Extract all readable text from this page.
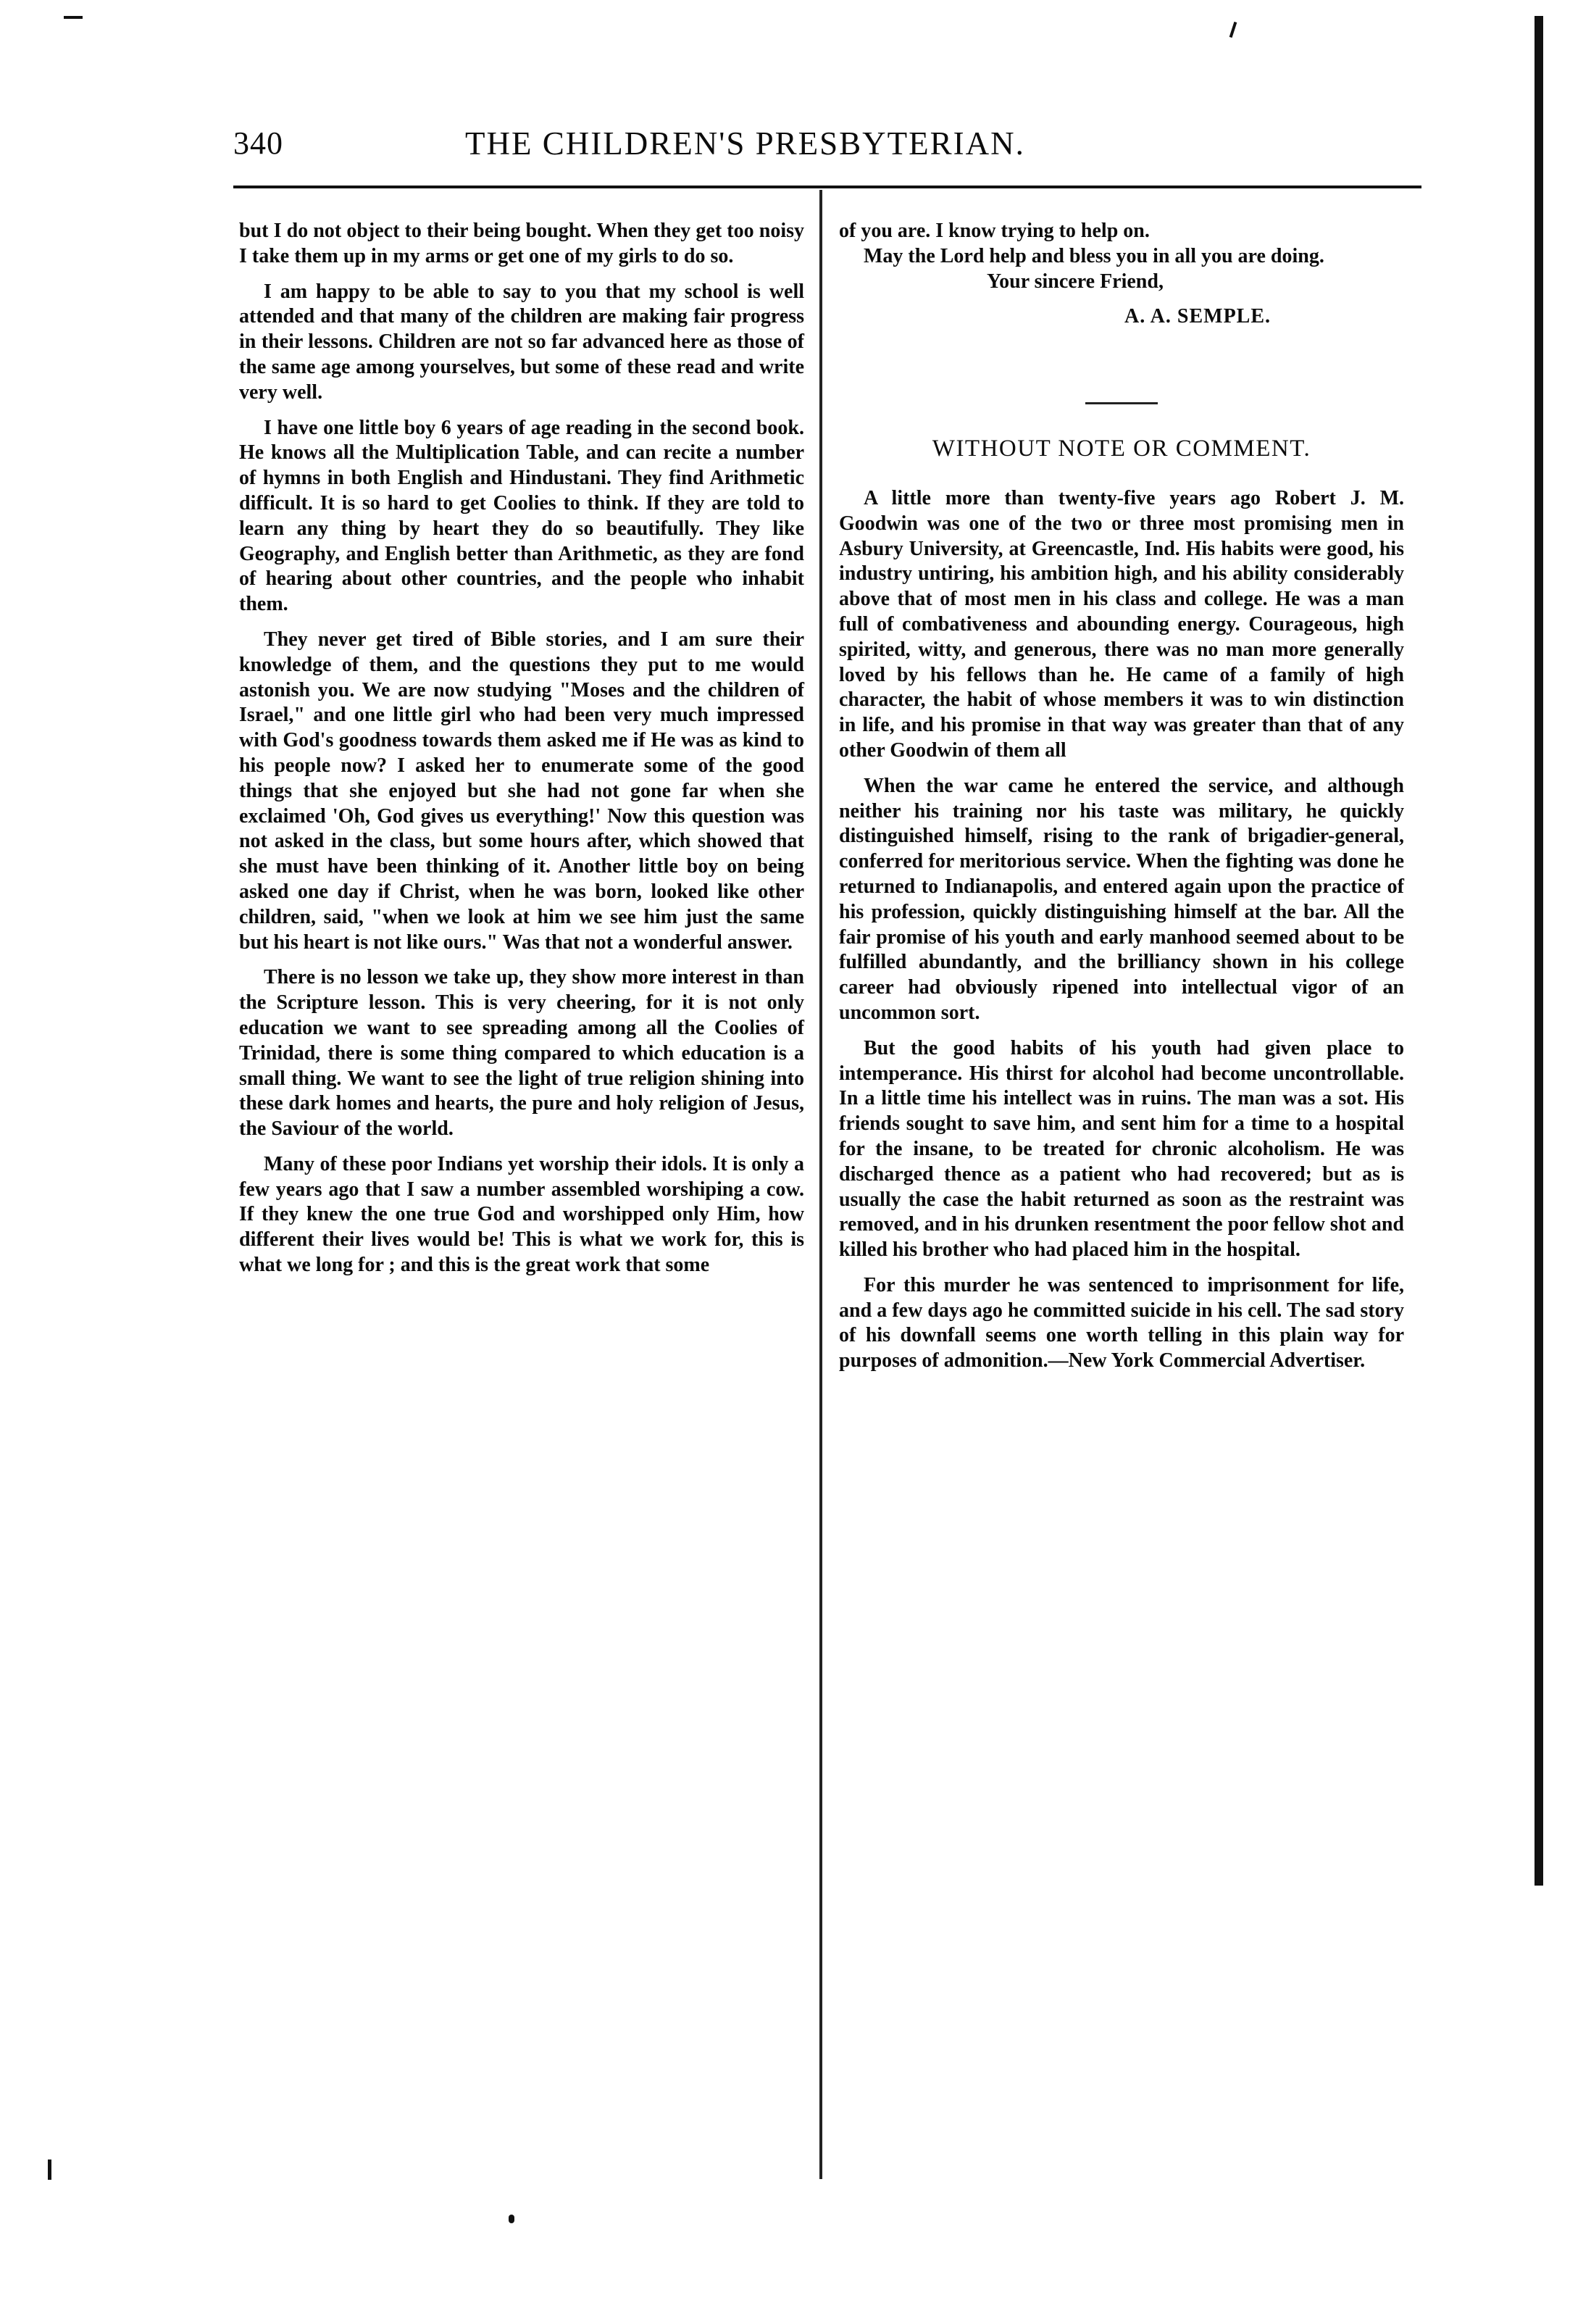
340	THE CHILDREN'S PRESBYTERIAN.

but I do not object to their being bought. When they get too noisy I take them up in my arms or get one of my girls to do so.

I am happy to be able to say to you that my school is well attended and that many of the children are making fair progress in their lessons. Children are not so far advanced here as those of the same age among yourselves, but some of these read and write very well.

I have one little boy 6 years of age reading in the second book. He knows all the Multiplication Table, and can recite a number of hymns in both English and Hindustani. They find Arithmetic difficult. It is so hard to get Coolies to think. If they are told to learn any thing by heart they do so beautifully. They like Geography, and English better than Arithmetic, as they are fond of hearing about other countries, and the people who inhabit them.

They never get tired of Bible stories, and I am sure their knowledge of them, and the questions they put to me would astonish you. We are now studying "Moses and the children of Israel," and one little girl who had been very much impressed with God's goodness towards them asked me if He was as kind to his people now? I asked her to enumerate some of the good things that she enjoyed but she had not gone far when she exclaimed 'Oh, God gives us everything!' Now this question was not asked in the class, but some hours after, which showed that she must have been thinking of it. Another little boy on being asked one day if Christ, when he was born, looked like other children, said, "when we look at him we see him just the same but his heart is not like ours." Was that not a wonderful answer.

There is no lesson we take up, they show more interest in than the Scripture lesson. This is very cheering, for it is not only education we want to see spreading among all the Coolies of Trinidad, there is some thing compared to which education is a small thing. We want to see the light of true religion shining into these dark homes and hearts, the pure and holy religion of Jesus, the Saviour of the world.

Many of these poor Indians yet worship their idols. It is only a few years ago that I saw a number assembled worshiping a cow. If they knew the one true God and worshipped only Him, how different their lives would be! This is what we work for, this is what we long for ; and this is the great work that some

of you are. I know trying to help on.

May the Lord help and bless you in all you are doing.

Your sincere Friend,

A. A. SEMPLE.

WITHOUT NOTE OR COMMENT.

A little more than twenty-five years ago Robert J. M. Goodwin was one of the two or three most promising men in Asbury University, at Greencastle, Ind. His habits were good, his industry untiring, his ambition high, and his ability considerably above that of most men in his class and college. He was a man full of combativeness and abounding energy. Courageous, high spirited, witty, and generous, there was no man more generally loved by his fellows than he. He came of a family of high character, the habit of whose members it was to win distinction in life, and his promise in that way was greater than that of any other Goodwin of them all

When the war came he entered the service, and although neither his training nor his taste was military, he quickly distinguished himself, rising to the rank of brigadier-general, conferred for meritorious service. When the fighting was done he returned to Indianapolis, and entered again upon the practice of his profession, quickly distinguishing himself at the bar. All the fair promise of his youth and early manhood seemed about to be fulfilled abundantly, and the brilliancy shown in his college career had obviously ripened into intellectual vigor of an uncommon sort.

But the good habits of his youth had given place to intemperance. His thirst for alcohol had become uncontrollable. In a little time his intellect was in ruins. The man was a sot. His friends sought to save him, and sent him for a time to a hospital for the insane, to be treated for chronic alcoholism. He was discharged thence as a patient who had recovered; but as is usually the case the habit returned as soon as the restraint was removed, and in his drunken resentment the poor fellow shot and killed his brother who had placed him in the hospital.

For this murder he was sentenced to imprisonment for life, and a few days ago he committed suicide in his cell. The sad story of his downfall seems one worth telling in this plain way for purposes of admonition.—New York Commercial Advertiser.
